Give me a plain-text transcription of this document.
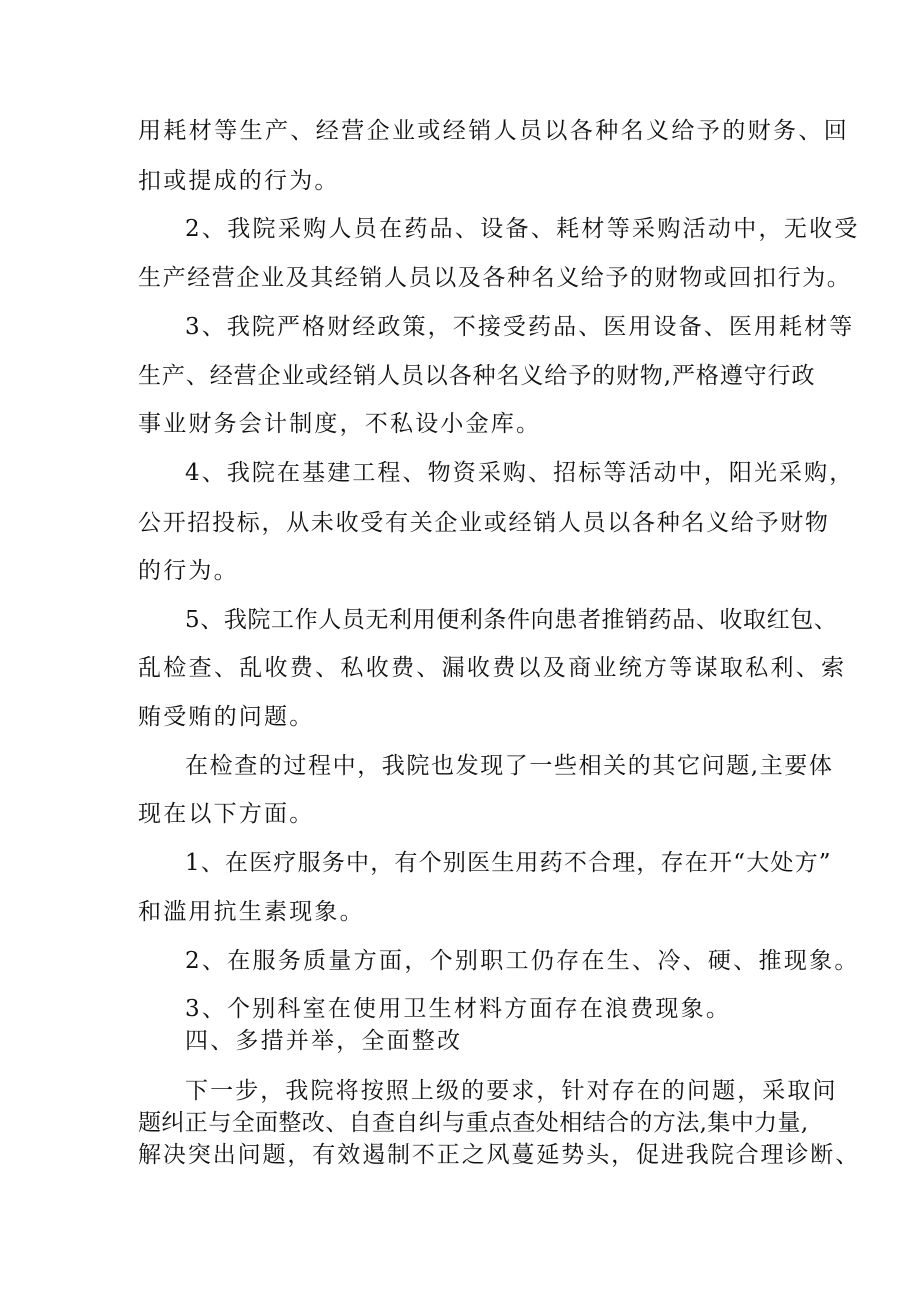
用耗材等生产、经营企业或经销人员以各种名义给予的财务、回
扣或提成的行为。
2、我院采购人员在药品、设备、耗材等采购活动中，无收受
生产经营企业及其经销人员以及各种名义给予的财物或回扣行为。
3、我院严格财经政策，不接受药品、医用设备、医用耗材等
生产、经营企业或经销人员以各种名义给予的财物,严格遵守行政
事业财务会计制度，不私设小金库。
4、我院在基建工程、物资采购、招标等活动中，阳光采购，
公开招投标，从未收受有关企业或经销人员以各种名义给予财物
的行为。
5、我院工作人员无利用便利条件向患者推销药品、收取红包、
乱检查、乱收费、私收费、漏收费以及商业统方等谋取私利、索
贿受贿的问题。
在检查的过程中，我院也发现了一些相关的其它问题,主要体
现在以下方面。
1、在医疗服务中，有个别医生用药不合理，存在开“大处方”
和滥用抗生素现象。
2、在服务质量方面，个别职工仍存在生、冷、硬、推现象。
3、个别科室在使用卫生材料方面存在浪费现象。
四、多措并举，全面整改
下一步，我院将按照上级的要求，针对存在的问题，采取问
题纠正与全面整改、自查自纠与重点查处相结合的方法,集中力量,
解决突出问题，有效遏制不正之风蔓延势头，促进我院合理诊断、
